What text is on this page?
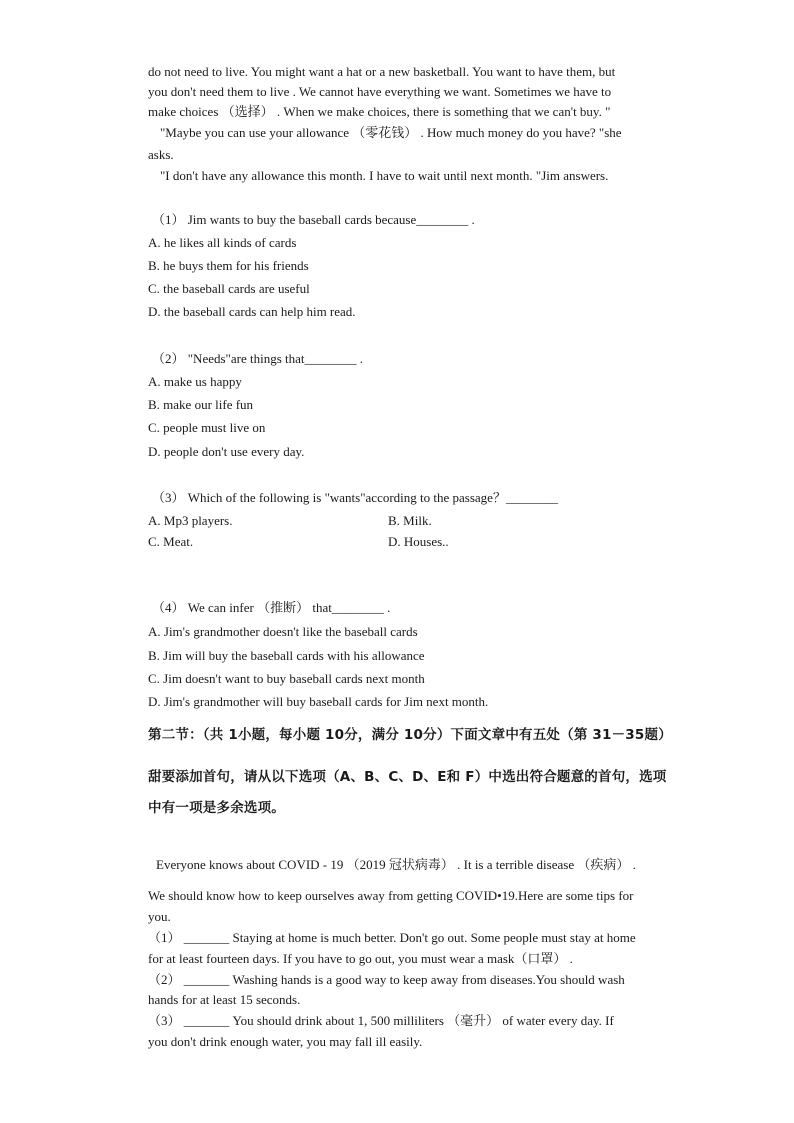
do not need to live. You might want a hat or a new basketball. You want to have them, but
you don't need them to live . We cannot have everything we want. Sometimes we have to
make choices （选择） . When we make choices, there is something that we can't buy. "
"Maybe you can use your allowance （零花钱） . How much money do you have? "she
asks.
"I don't have any allowance this month. I have to wait until next month. "Jim answers.
（1） Jim wants to buy the baseball cards because________ .
A. he likes all kinds of cards
B. he buys them for his friends
C. the baseball cards are useful
D. the baseball cards can help him read.
（2） "Needs"are things that________ .
A. make us happy
B. make our life fun
C. people must live on
D. people don't use every day.
（3） Which of the following is "wants"according to the passage？________
A. Mp3 players.	B. Milk.
C. Meat.	D. Houses..
（4） We can infer （推断） that________ .
A. Jim's grandmother doesn't like the baseball cards
B. Jim will buy the baseball cards with his allowance
C. Jim doesn't want to buy baseball cards next month
D. Jim's grandmother will buy baseball cards for Jim next month.
第二节：（共 1小题，每小题 10分，满分 10分）下面文章中有五处（第 31－35题）
甜要添加首句，请从以下选项（A、B、C、D、E和 F）中选出符合题意的首句，选项
中有一项是多余选项。
Everyone knows about COVID - 19 （2019 冠状病毒） . It is a terrible disease （疾病） .
We should know how to keep ourselves away from getting COVID•19.Here are some tips for
you.
（1） _______ Staying at home is much better. Don't go out. Some people must stay at home
for at least fourteen days. If you have to go out, you must wear a mask（口罩） .
（2） _______ Washing hands is a good way to keep away from diseases.You should wash
hands for at least 15 seconds.
（3） _______ You should drink about 1, 500 milliliters （毫升） of water every day. If
you don't drink enough water, you may fall ill easily.
